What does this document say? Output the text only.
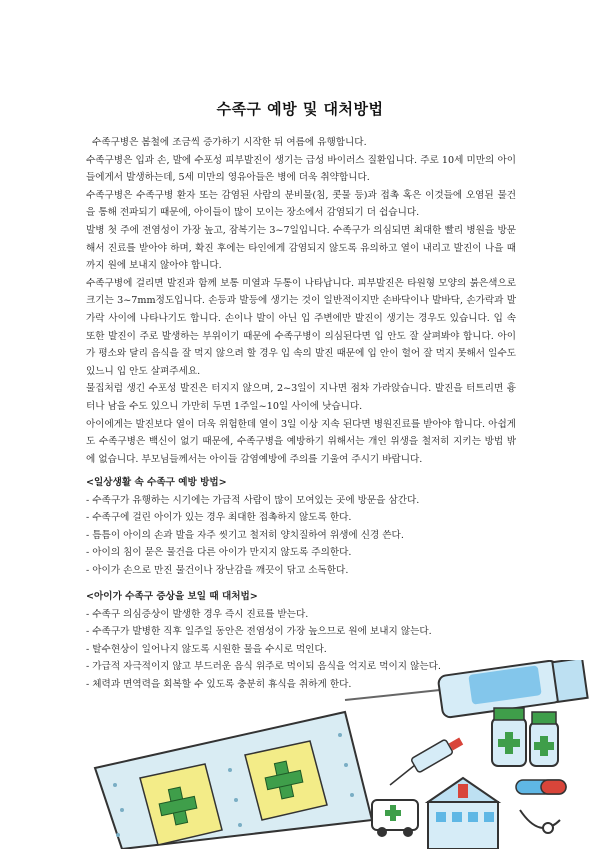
수족구 예방 및 대처방법

수족구병은 봄철에 조금씩 증가하기 시작한 뒤 여름에 유행합니다.

수족구병은 입과 손, 발에 수포성 피부발진이 생기는 급성 바이러스 질환입니다. 주로 10세 미만의 아이들에게서 발생하는데, 5세 미만의 영유아들은 병에 더욱 취약합니다.

수족구병은 수족구병 환자 또는 감염된 사람의 분비물(침, 콧물 등)과 접촉 혹은 이것들에 오염된 물건을 통해 전파되기 때문에, 아이들이 많이 모이는 장소에서 감염되기 더 쉽습니다.

발병 첫 주에 전염성이 가장 높고, 잠복기는 3~7일입니다. 수족구가 의심되면 최대한 빨리 병원을 방문해서 진료를 받아야 하며, 확진 후에는 타인에게 감염되지 않도록 유의하고 열이 내리고 발진이 나을 때까지 원에 보내지 않아야 합니다.

수족구병에 걸리면 발진과 함께 보통 미열과 두통이 나타납니다. 피부발진은 타원형 모양의 붉은색으로 크기는 3~7mm정도입니다. 손등과 발등에 생기는 것이 일반적이지만 손바닥이나 발바닥, 손가락과 발가락 사이에 나타나기도 합니다. 손이나 발이 아닌 입 주변에만 발진이 생기는 경우도 있습니다. 입 속 또한 발진이 주로 발생하는 부위이기 때문에 수족구병이 의심된다면 입 안도 잘 살펴봐야 합니다. 아이가 평소와 달리 음식을 잘 먹지 않으려 할 경우 입 속의 발진 때문에 입 안이 헐어 잘 먹지 못해서 일수도 있느니 입 안도 살펴주세요.

물집처럼 생긴 수포성 발진은 터지지 않으며, 2~3일이 지나면 점차 가라앉습니다. 발진을 터트리면 흉터나 남을 수도 있으니 가만히 두면 1주일~10일 사이에 낫습니다.

아이에게는 발진보다 열이 더욱 위험한데 열이 3일 이상 지속 된다면 병원진료를 받아야 합니다. 아쉽게도 수족구병은 백신이 없기 때문에, 수족구병을 예방하기 위해서는 개인 위생을 철저히 지키는 방법 밖에 없습니다. 부모님들께서는 아이들 감염예방에 주의를 기울여 주시기 바랍니다.

<일상생활 속 수족구 예방 방법>

- 수족구가 유행하는 시기에는 가급적 사람이 많이 모여있는 곳에 방문을 삼간다.
- 수족구에 걸린 아이가 있는 경우 최대한 접촉하지 않도록 한다.
- 틈틈이 아이의 손과 발을 자주 씻기고 철저히 양치질하여 위생에 신경 쓴다.
- 아이의 침이 묻은 물건을 다른 아이가 만지지 않도록 주의한다.
- 아이가 손으로 만진 물건이나 장난감을 깨끗이 닦고 소독한다.

<아이가 수족구 증상을 보일 때 대처법>

- 수족구 의심증상이 발생한 경우 즉시 진료를 받는다.
- 수족구가 발병한 직후 일주일 동안은 전염성이 가장 높으므로 원에 보내지 않는다.
- 탈수현상이 일어나지 않도록 시원한 물을 수시로 먹인다.
- 가급적 자극적이지 않고 부드러운 음식 위주로 먹이되 음식을 억지로 먹이지 않는다.
- 체력과 면역력을 회복할 수 있도록 충분히 휴식을 취하게 한다.
